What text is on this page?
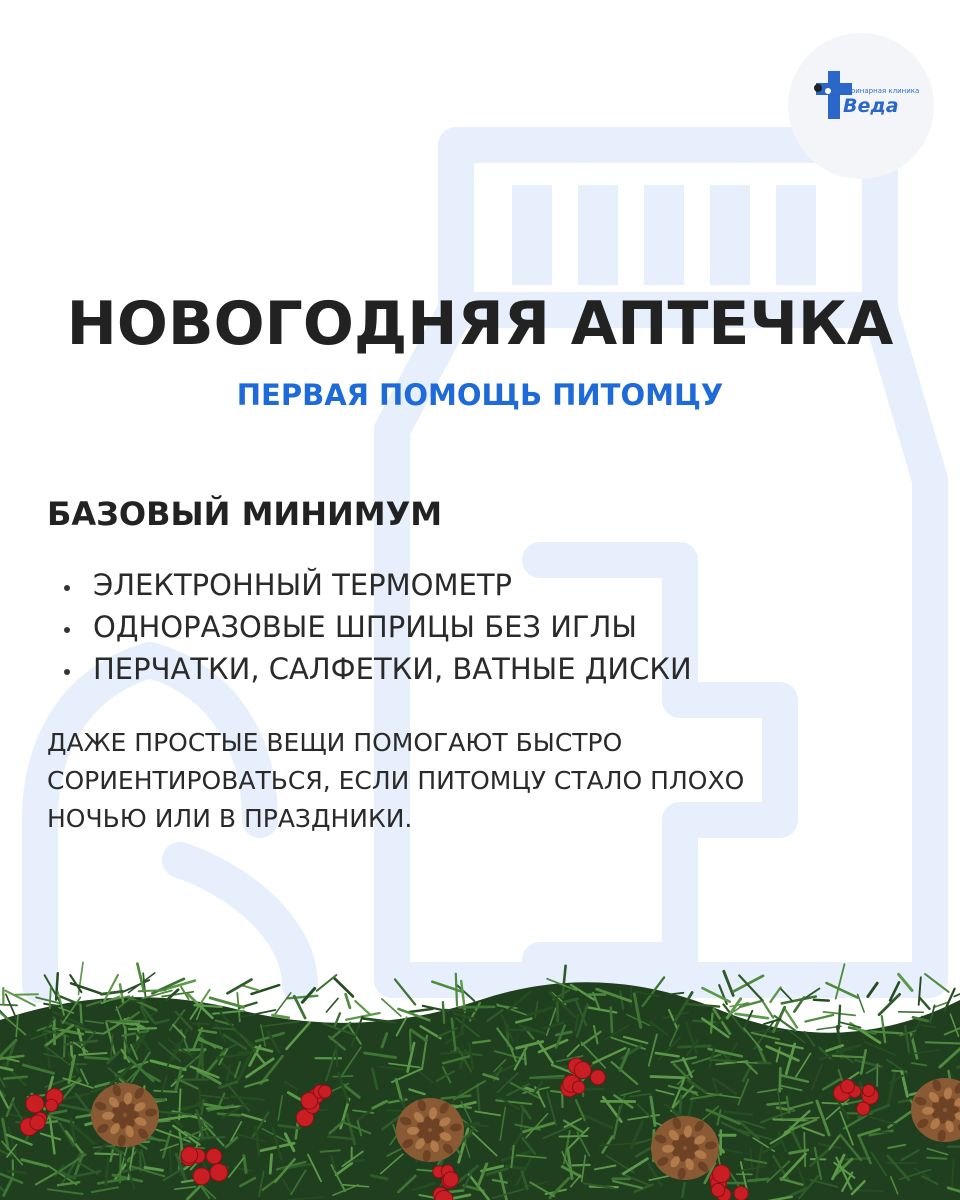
ветеринарная клиника
Веда
НОВОГОДНЯЯ АПТЕЧКА
ПЕРВАЯ ПОМОЩЬ ПИТОМЦУ
БАЗОВЫЙ МИНИМУМ
ЭЛЕКТРОННЫЙ ТЕРМОМЕТР
ОДНОРАЗОВЫЕ ШПРИЦЫ БЕЗ ИГЛЫ
ПЕРЧАТКИ, САЛФЕТКИ, ВАТНЫЕ ДИСКИ
ДАЖЕ ПРОСТЫЕ ВЕЩИ ПОМОГАЮТ БЫСТРО
СОРИЕНТИРОВАТЬСЯ, ЕСЛИ ПИТОМЦУ СТАЛО ПЛОХО
НОЧЬЮ ИЛИ В ПРАЗДНИКИ.
